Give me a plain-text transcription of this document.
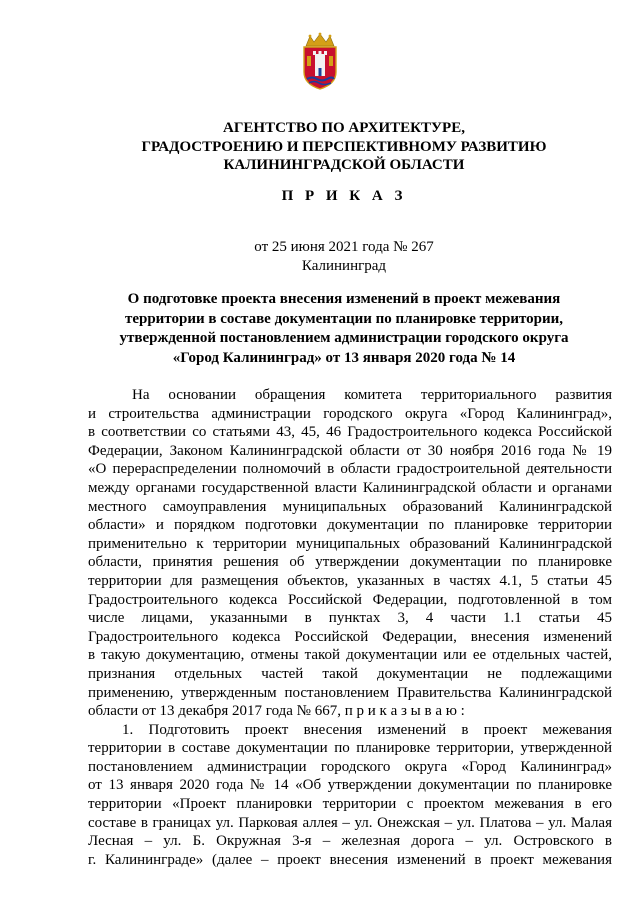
АГЕНТСТВО ПО АРХИТЕКТУРЕ,
ГРАДОСТРОЕНИЮ И ПЕРСПЕКТИВНОМУ РАЗВИТИЮ
КАЛИНИНГРАДСКОЙ ОБЛАСТИ
П Р И К А З
от 25 июня 2021 года № 267
Калининград
О подготовке проекта внесения изменений в проект межевания
территории в составе документации по планировке территории,
утвержденной постановлением администрации городского округа
«Город Калининград» от 13 января 2020 года № 14
На основании обращения комитета территориального развития
и строительства администрации городского округа «Город Калининград»,
в соответствии со статьями 43, 45, 46 Градостроительного кодекса Российской
Федерации, Законом Калининградской области от 30 ноября 2016 года № 19
«О перераспределении полномочий в области градостроительной деятельности
между органами государственной власти Калининградской области и органами
местного самоуправления муниципальных образований Калининградской
области» и порядком подготовки документации по планировке территории
применительно к территории муниципальных образований Калининградской
области, принятия решения об утверждении документации по планировке
территории для размещения объектов, указанных в частях 4.1, 5 статьи 45
Градостроительного кодекса Российской Федерации, подготовленной в том
числе лицами, указанными в пунктах 3, 4 части 1.1 статьи 45
Градостроительного кодекса Российской Федерации, внесения изменений
в такую документацию, отмены такой документации или ее отдельных частей,
признания отдельных частей такой документации не подлежащими
применению, утвержденным постановлением Правительства Калининградской
области от 13 декабря 2017 года № 667, п р и к а з ы в а ю :
1. Подготовить проект внесения изменений в проект межевания
территории в составе документации по планировке территории, утвержденной
постановлением администрации городского округа «Город Калининград»
от 13 января 2020 года № 14 «Об утверждении документации по планировке
территории «Проект планировки территории с проектом межевания в его
составе в границах ул. Парковая аллея – ул. Онежская – ул. Платова – ул. Малая
Лесная – ул. Б. Окружная 3-я – железная дорога – ул. Островского в
г. Калининграде» (далее – проект внесения изменений в проект межевания
